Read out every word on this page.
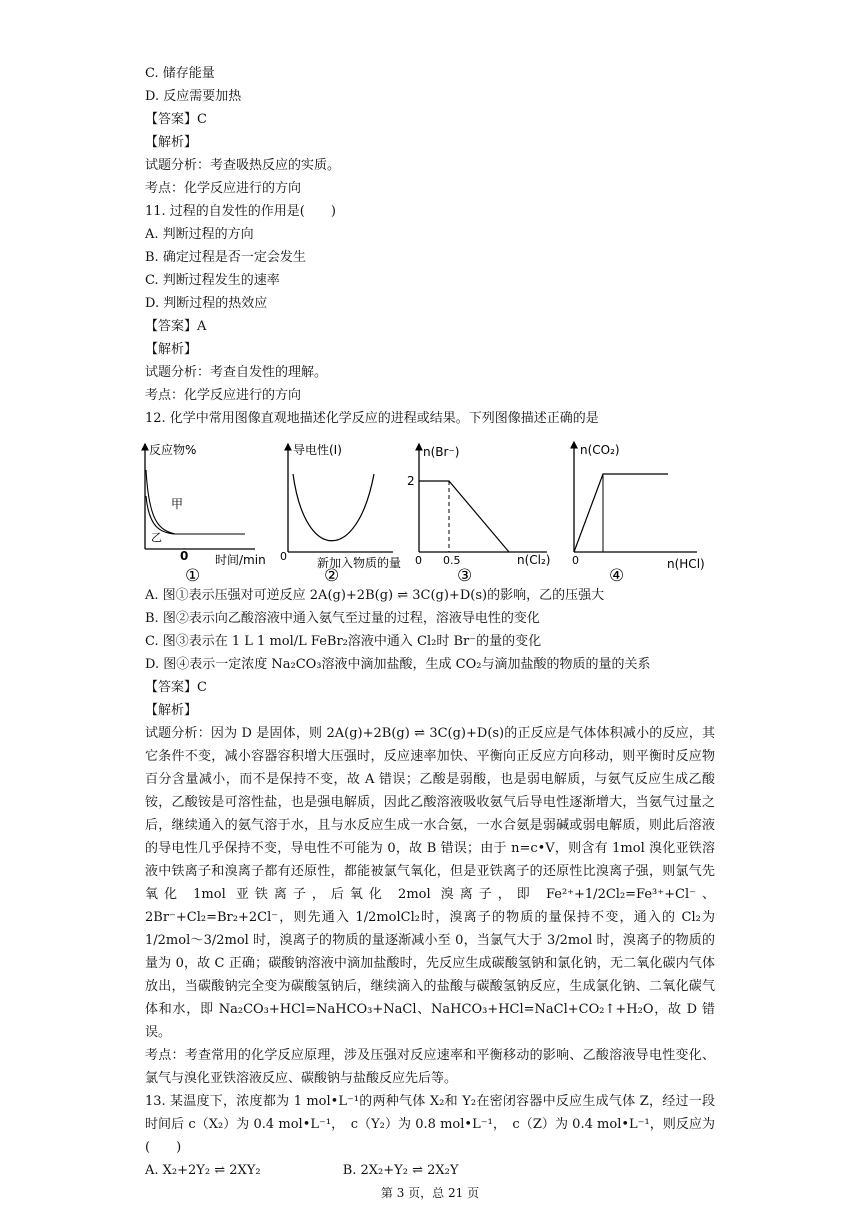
C. 储存能量
D. 反应需要加热
【答案】C
【解析】
试题分析：考查吸热反应的实质。
考点：化学反应进行的方向
11. 过程的自发性的作用是(　　)
A. 判断过程的方向
B. 确定过程是否一定会发生
C. 判断过程发生的速率
D. 判断过程的热效应
【答案】A
【解析】
试题分析：考查自发性的理解。
考点：化学反应进行的方向
12. 化学中常用图像直观地描述化学反应的进程或结果。下列图像描述正确的是
反应物%
甲
乙
0 时间/min
①
导电性(I)
0	新加入物质的量
②
n(Br⁻)
2
0.5
0	n(Cl₂)
③
n(CO₂)
0	n(HCl)
④
A. 图①表示压强对可逆反应 2A(g)+2B(g) ⇌ 3C(g)+D(s)的影响，乙的压强大
B. 图②表示向乙酸溶液中通入氨气至过量的过程，溶液导电性的变化
C. 图③表示在 1 L 1 mol/L FeBr₂溶液中通入 Cl₂时 Br⁻的量的变化
D. 图④表示一定浓度 Na₂CO₃溶液中滴加盐酸，生成 CO₂与滴加盐酸的物质的量的关系
【答案】C
【解析】
试题分析：因为 D 是固体，则 2A(g)+2B(g) ⇌ 3C(g)+D(s)的正反应是气体体积减小的反应，其它条件不变，减小容器容积增大压强时，反应速率加快、平衡向正反应方向移动，则平衡时反应物百分含量减小，而不是保持不变，故 A 错误；乙酸是弱酸，也是弱电解质，与氨气反应生成乙酸铵，乙酸铵是可溶性盐，也是强电解质，因此乙酸溶液吸收氨气后导电性逐渐增大，当氨气过量之后，继续通入的氨气溶于水，且与水反应生成一水合氨，一水合氨是弱碱或弱电解质，则此后溶液的导电性几乎保持不变，导电性不可能为 0，故 B 错误；由于 n=c•V，则含有 1mol 溴化亚铁溶液中铁离子和溴离子都有还原性，都能被氯气氧化，但是亚铁离子的还原性比溴离子强，则氯气先氧化 1mol 亚铁离子，后氧化 2mol 溴离子，即 Fe²⁺+1/2Cl₂=Fe³⁺+Cl⁻、2Br⁻+Cl₂=Br₂+2Cl⁻，则先通入 1/2molCl₂时，溴离子的物质的量保持不变，通入的 Cl₂为 1/2mol～3/2mol 时，溴离子的物质的量逐渐减小至 0，当氯气大于 3/2mol 时，溴离子的物质的量为 0，故 C 正确；碳酸钠溶液中滴加盐酸时，先反应生成碳酸氢钠和氯化钠，无二氧化碳内气体放出，当碳酸钠完全变为碳酸氢钠后，继续滴入的盐酸与碳酸氢钠反应，生成氯化钠、二氧化碳气体和水，即 Na₂CO₃+HCl=NaHCO₃+NaCl、NaHCO₃+HCl=NaCl+CO₂↑+H₂O，故 D 错误。
考点：考查常用的化学反应原理，涉及压强对反应速率和平衡移动的影响、乙酸溶液导电性变化、氯气与溴化亚铁溶液反应、碳酸钠与盐酸反应先后等。
13. 某温度下，浓度都为 1 mol•L⁻¹的两种气体 X₂和 Y₂在密闭容器中反应生成气体 Z，经过一段时间后 c（X₂）为 0.4 mol•L⁻¹，　c（Y₂）为 0.8 mol•L⁻¹，　c（Z）为 0.4 mol•L⁻¹，则反应为(　　)
A. X₂+2Y₂ ⇌ 2XY₂	B. 2X₂+Y₂ ⇌ 2X₂Y
第 3 页，总 21 页
